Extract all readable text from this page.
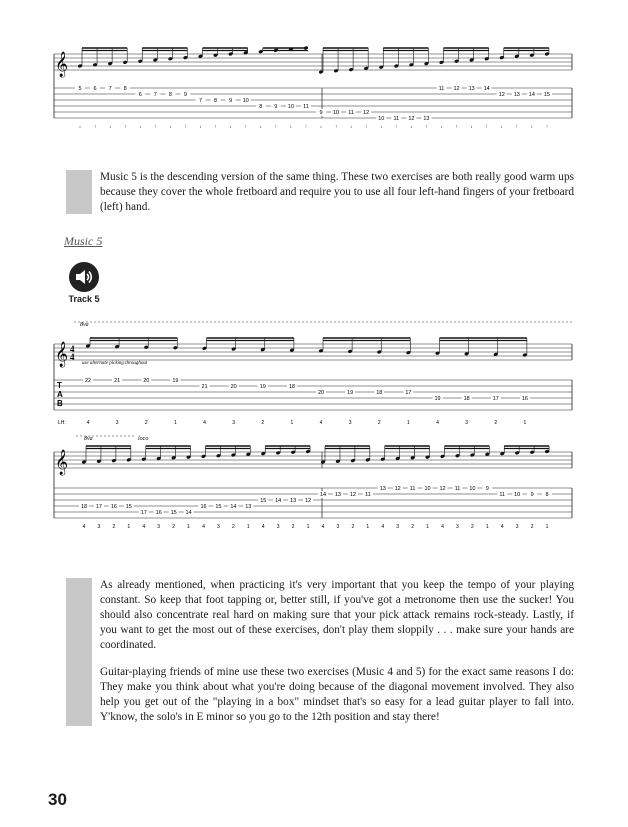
𝄞
5 6 7 8
6 7 8 9
7 8 9 10
8 9 10 11
9 10 11 12
10 11 12 13
11 12 13 14
12 13 14 15
↓	↑	↓	↑	↓	↑	↓	↑	↓	↑	↓	↑	↓	↑	↓	↑	↓	↑	↓	↑	↓	↑	↓	↑	↓	↑	↓	↑	↓	↑	↓	↑

Music 5 is the descending version of the same thing. These two exercises are both really good warm ups because they cover the whole fretboard and require you to use all four left-hand fingers of your fretboard (left) hand.

Music 5
Track 5
8va
𝄞 4
4
T
A
B
use alternate picking throughout
22	21	20	19
21	20	19	18
20	19	18	17
19	18	17	16
LH:	4	3	2	1	4	3	2	1	4	3	2	1	4	3	2	1
8va	loco
𝄞
18 17 16 15
17 16 15 14
16 15 14 13
15 14 13 12
14 13 12 11
13 12 11 10 12 11 10 9
11 10 9 8
4 3 2 1 4 3 2 1 4 3 2 1 4 3 2 1 4 3 2 1 4 3 2 1 4 3 2 1 4 3 2 1

As already mentioned, when practicing it's very important that you keep the tempo of your playing constant. So keep that foot tapping or, better still, if you've got a metronome then use the sucker! You should also concentrate real hard on making sure that your pick attack remains rock-steady. Lastly, if you want to get the most out of these exercises, don't play them sloppily . . . make sure your hands are coordinated.

Guitar-playing friends of mine use these two exercises (Music 4 and 5) for the exact same reasons I do: They make you think about what you're doing because of the diagonal movement involved. They also help you get out of the "playing in a box" mindset that's so easy for a lead guitar player to fall into. Y'know, the solo's in E minor so you go to the 12th position and stay there!

30
